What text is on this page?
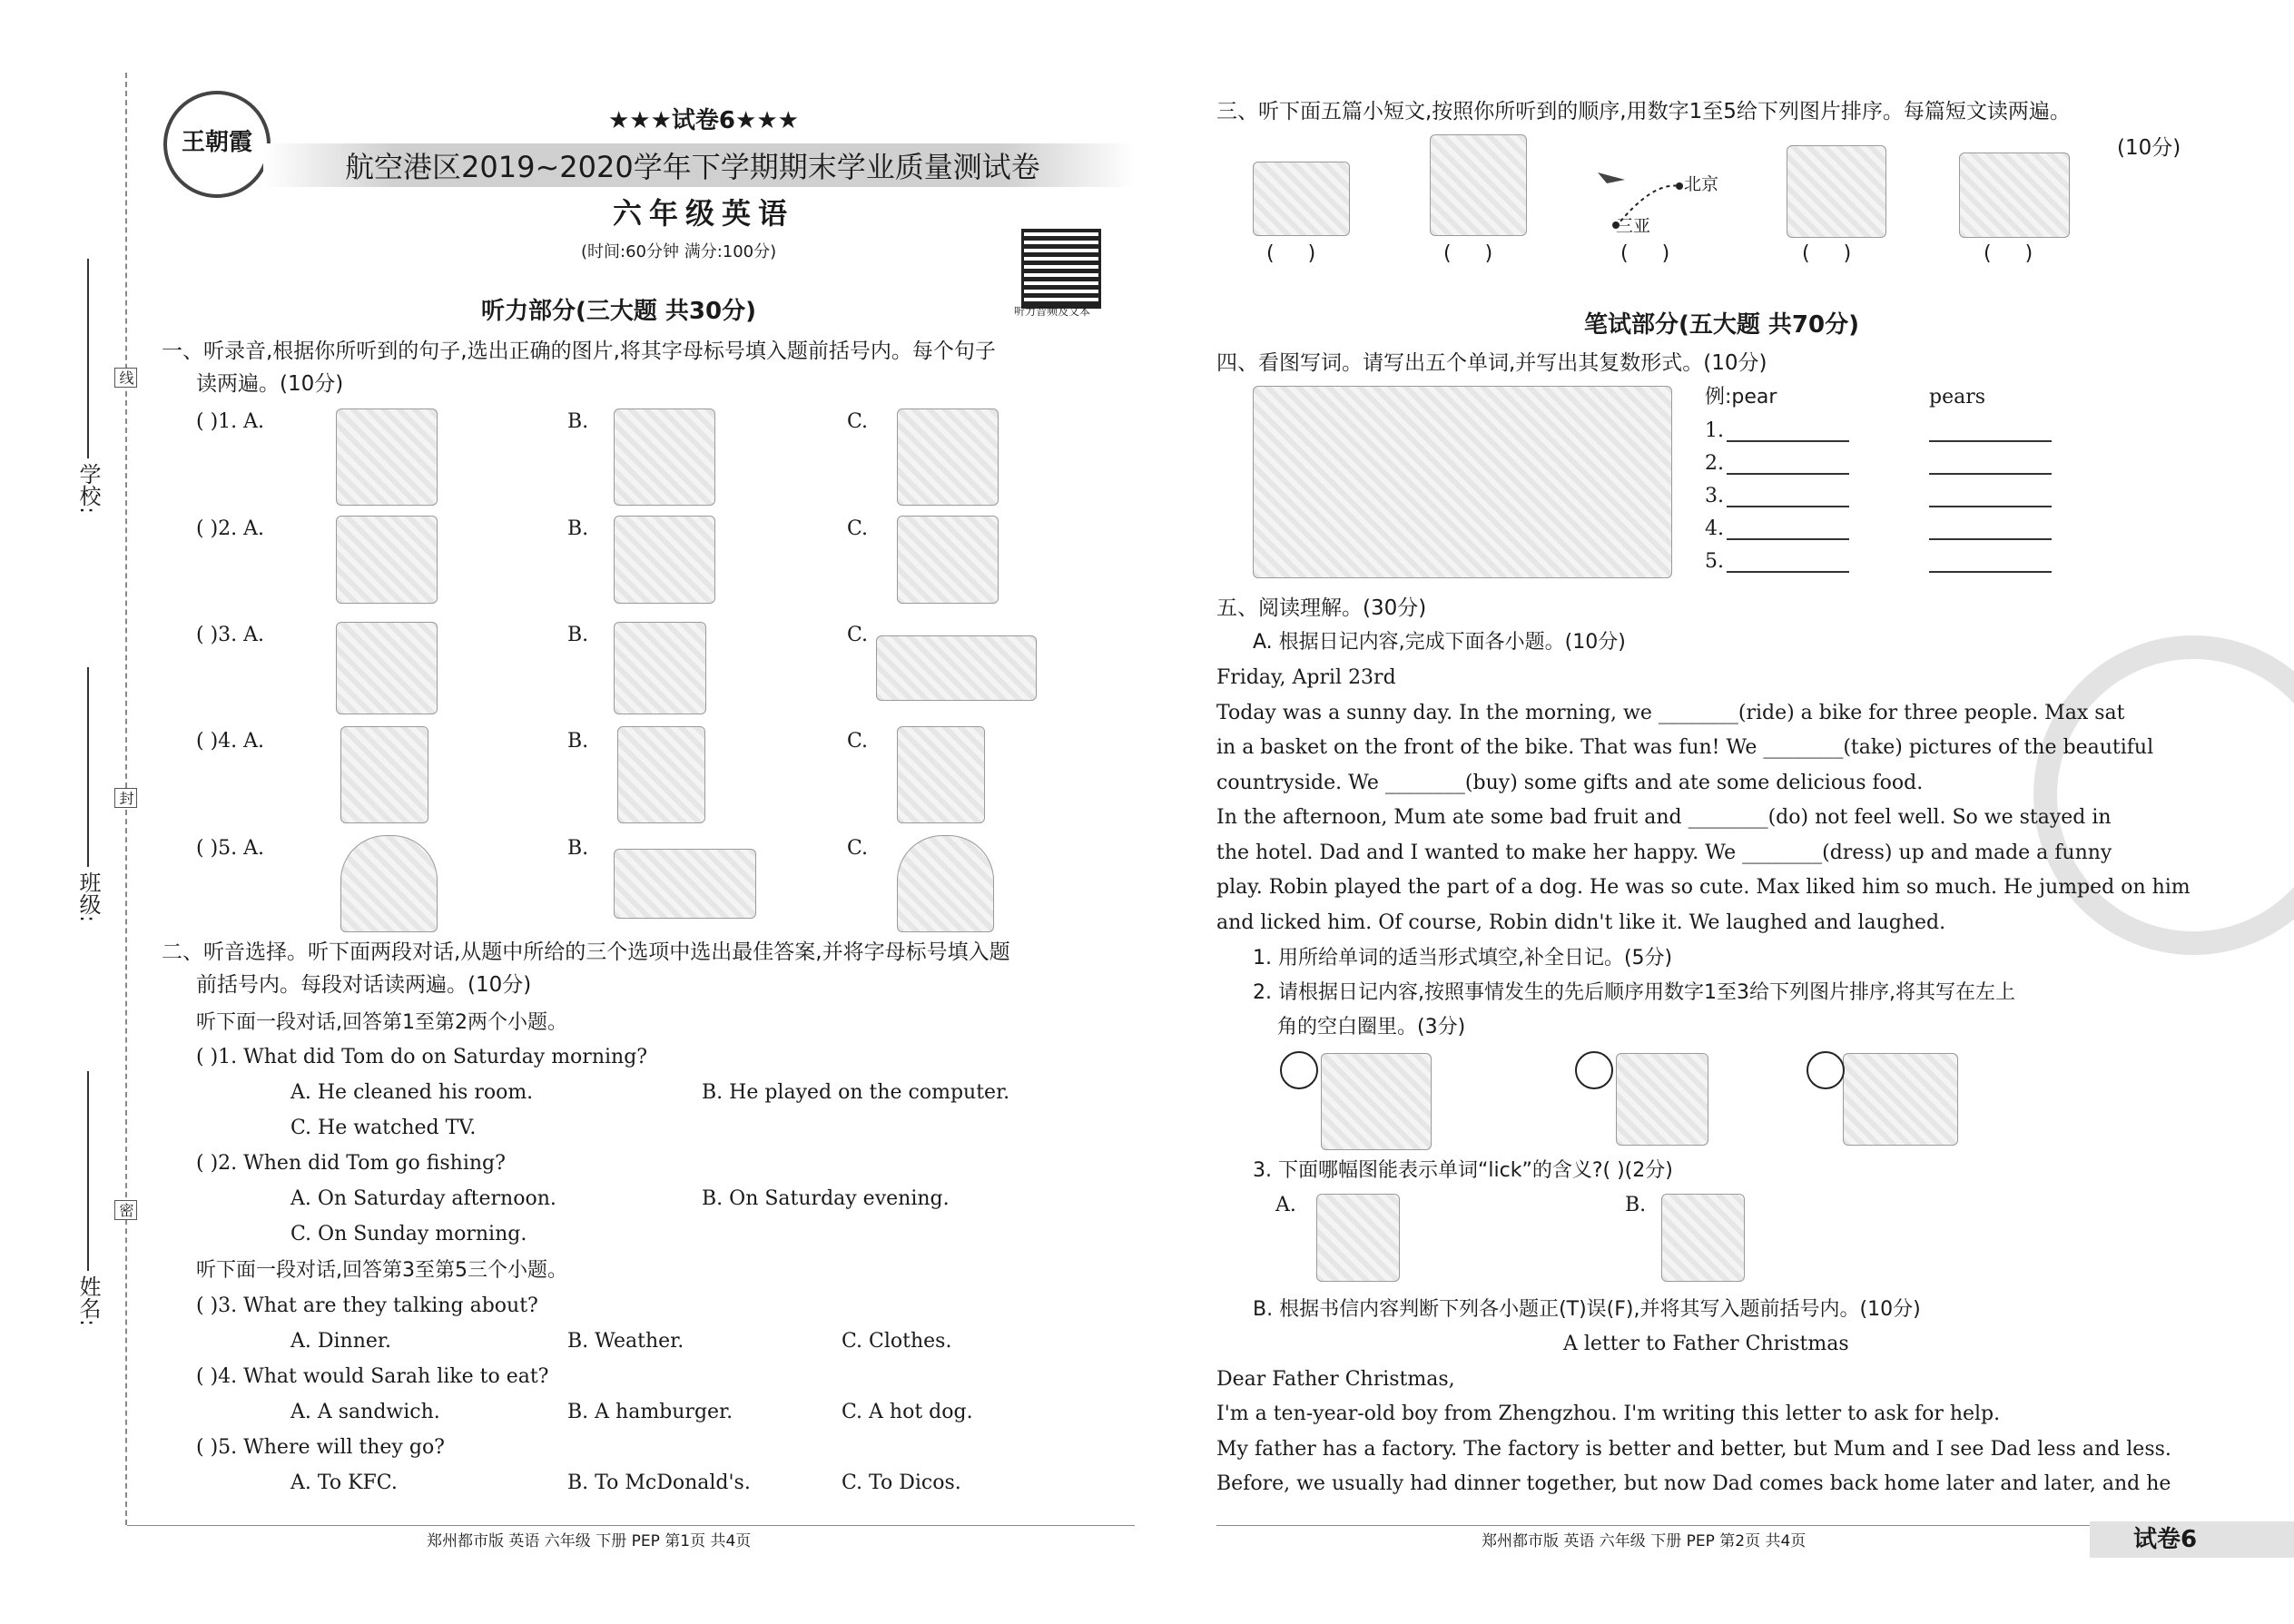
学校:
班级:
姓名:
线
封
密
王朝霞
★★★试卷6★★★
航空港区2019~2020学年下学期期末学业质量测试卷
六年级英语
(时间:60分钟 满分:100分)
听力音频及文本
听力部分(三大题 共30分)
一、听录音,根据你所听到的句子,选出正确的图片,将其字母标号填入题前括号内。每个句子
读两遍。(10分)
( )1. A.	B.	C.
( )2. A.	B.	C.
( )3. A.	B.	C.
( )4. A.	B.	C.
( )5. A.	B.	C.
二、听音选择。听下面两段对话,从题中所给的三个选项中选出最佳答案,并将字母标号填入题
前括号内。每段对话读两遍。(10分)
听下面一段对话,回答第1至第2两个小题。
( )1. What did Tom do on Saturday morning?
A. He cleaned his room.	B. He played on the computer.
C. He watched TV.
( )2. When did Tom go fishing?
A. On Saturday afternoon.	B. On Saturday evening.
C. On Sunday morning.
听下面一段对话,回答第3至第5三个小题。
( )3. What are they talking about?
A. Dinner.	B. Weather.	C. Clothes.
( )4. What would Sarah like to eat?
A. A sandwich.	B. A hamburger.	C. A hot dog.
( )5. Where will they go?
A. To KFC.	B. To McDonald's.	C. To Dicos.
郑州都市版 英语 六年级 下册 PEP 第1页 共4页
三、听下面五篇小短文,按照你所听到的顺序,用数字1至5给下列图片排序。每篇短文读两遍。
(10分)
北京
三亚
( )	( )	( )	( )	( )
笔试部分(五大题 共70分)
四、看图写词。请写出五个单词,并写出其复数形式。(10分)
例:pear	pears
1.
2.
3.
4.
5.
五、阅读理解。(30分)
A. 根据日记内容,完成下面各小题。(10分)
Friday, April 23rd
Today was a sunny day. In the morning, we ________(ride) a bike for three people. Max sat
in a basket on the front of the bike. That was fun! We ________(take) pictures of the beautiful
countryside. We ________(buy) some gifts and ate some delicious food.
In the afternoon, Mum ate some bad fruit and ________(do) not feel well. So we stayed in
the hotel. Dad and I wanted to make her happy. We ________(dress) up and made a funny
play. Robin played the part of a dog. He was so cute. Max liked him so much. He jumped on him
and licked him. Of course, Robin didn't like it. We laughed and laughed.
1. 用所给单词的适当形式填空,补全日记。(5分)
2. 请根据日记内容,按照事情发生的先后顺序用数字1至3给下列图片排序,将其写在左上
角的空白圈里。(3分)
3. 下面哪幅图能表示单词“lick”的含义?( )(2分)
A.	B.
B. 根据书信内容判断下列各小题正(T)误(F),并将其写入题前括号内。(10分)
A letter to Father Christmas
Dear Father Christmas,
I'm a ten-year-old boy from Zhengzhou. I'm writing this letter to ask for help.
My father has a factory. The factory is better and better, but Mum and I see Dad less and less.
Before, we usually had dinner together, but now Dad comes back home later and later, and he
郑州都市版 英语 六年级 下册 PEP 第2页 共4页	试卷6
